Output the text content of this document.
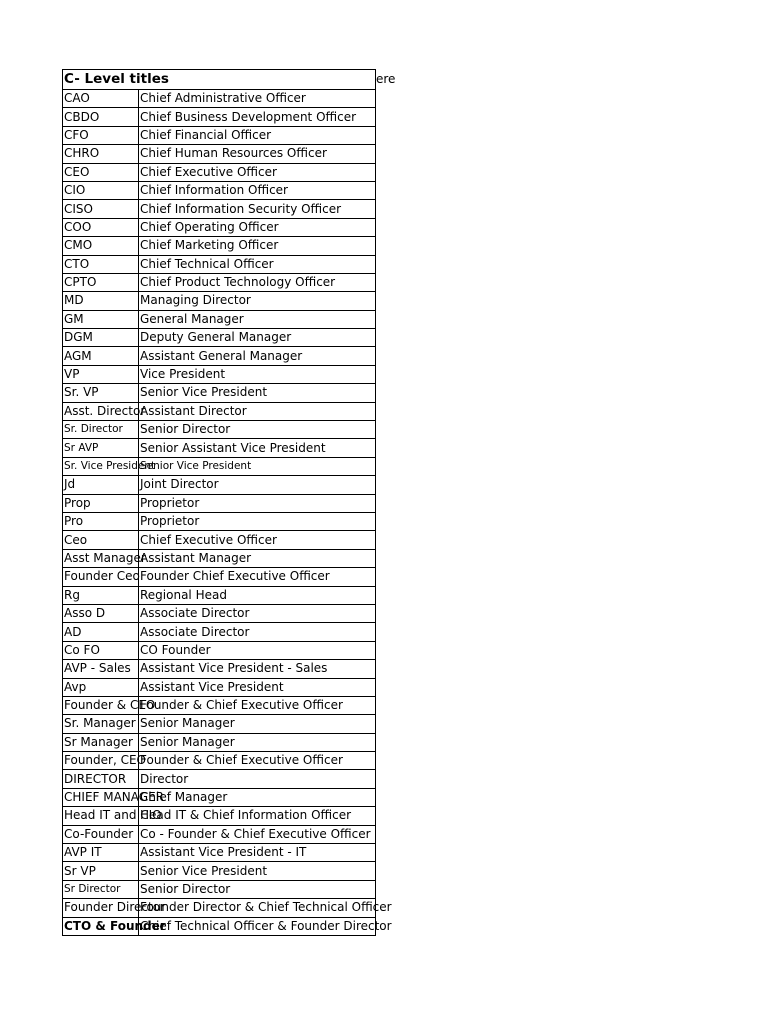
C- Level titles	
CAO	Chief Administrative Officer
CBDO	Chief Business Development Officer
CFO	Chief Financial Officer
CHRO	Chief Human Resources Officer
CEO	Chief Executive Officer
CIO	Chief Information Officer
CISO	Chief Information Security Officer
COO	Chief Operating Officer
CMO	Chief Marketing Officer
CTO	Chief Technical Officer
CPTO	Chief Product Technology Officer
MD	Managing Director
GM	General Manager
DGM	Deputy General Manager
AGM	Assistant General Manager
VP	Vice President
Sr. VP	Senior Vice President
Asst. Director	Assistant Director
Sr. Director	Senior Director
Sr AVP	Senior Assistant Vice President
Sr. Vice President	Senior Vice President
Jd	Joint Director
Prop	Proprietor
Pro	Proprietor
Ceo	Chief Executive Officer
Asst Manager	Assistant Manager
Founder Ceo	Founder Chief Executive Officer
Rg	Regional Head
Asso D	Associate Director
AD	Associate Director
Co FO	CO Founder
AVP - Sales	Assistant Vice President - Sales
Avp	Assistant Vice President
Founder & CEO	Founder & Chief Executive Officer
Sr. Manager	Senior Manager
Sr Manager	Senior Manager
Founder, CEO	Founder & Chief Executive Officer
DIRECTOR	Director
CHIEF MANAGER	Chief Manager
Head IT and CIO	Head IT & Chief Information Officer
Co-Founder	Co - Founder & Chief Executive Officer
AVP IT	Assistant Vice President - IT
Sr VP	Senior Vice President
Sr Director	Senior Director
Founder Director	Founder Director & Chief Technical Officer
CTO & Founder	Chief Technical Officer & Founder Director
ere
